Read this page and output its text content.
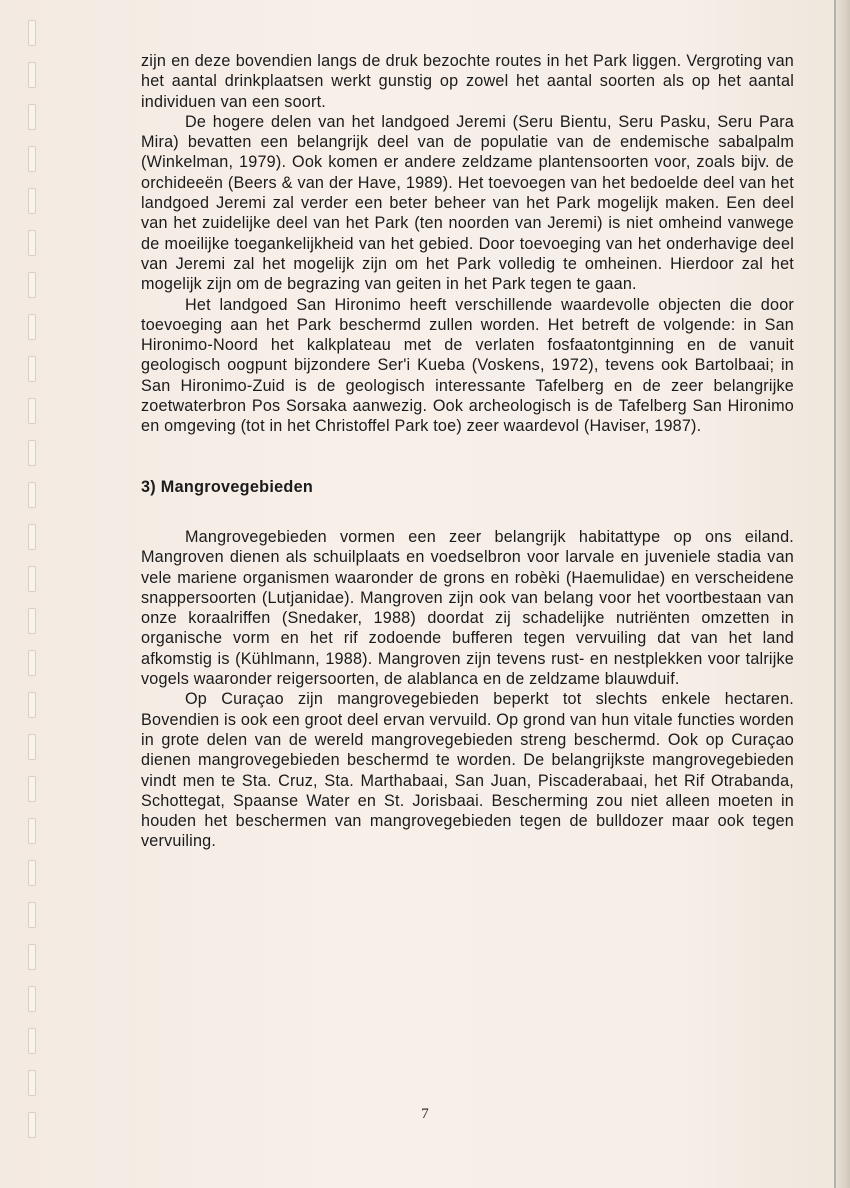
zijn en deze bovendien langs de druk bezochte routes in het Park liggen. Vergroting van het aantal drinkplaatsen werkt gunstig op zowel het aantal soorten als op het aantal individuen van een soort.

De hogere delen van het landgoed Jeremi (Seru Bientu, Seru Pasku, Seru Para Mira) bevatten een belangrijk deel van de populatie van de endemische sabalpalm (Winkelman, 1979). Ook komen er andere zeldzame plantensoorten voor, zoals bijv. de orchideeën (Beers & van der Have, 1989). Het toevoegen van het bedoelde deel van het landgoed Jeremi zal verder een beter beheer van het Park mogelijk maken. Een deel van het zuidelijke deel van het Park (ten noorden van Jeremi) is niet omheind vanwege de moeilijke toegankelijkheid van het gebied. Door toevoeging van het onderhavige deel van Jeremi zal het mogelijk zijn om het Park volledig te omheinen. Hierdoor zal het mogelijk zijn om de begrazing van geiten in het Park tegen te gaan.

Het landgoed San Hironimo heeft verschillende waardevolle objecten die door toevoeging aan het Park beschermd zullen worden. Het betreft de volgende: in San Hironimo-Noord het kalkplateau met de verlaten fosfaatontginning en de vanuit geologisch oogpunt bijzondere Ser'i Kueba (Voskens, 1972), tevens ook Bartolbaai; in San Hironimo-Zuid is de geologisch interessante Tafelberg en de zeer belangrijke zoetwaterbron Pos Sorsaka aanwezig. Ook archeologisch is de Tafelberg San Hironimo en omgeving (tot in het Christoffel Park toe) zeer waardevol (Haviser, 1987).

3) Mangrovegebieden

Mangrovegebieden vormen een zeer belangrijk habitattype op ons eiland. Mangroven dienen als schuilplaats en voedselbron voor larvale en juveniele stadia van vele mariene organismen waaronder de grons en robèki (Haemulidae) en verscheidene snappersoorten (Lutjanidae). Mangroven zijn ook van belang voor het voortbestaan van onze koraalriffen (Snedaker, 1988) doordat zij schadelijke nutriënten omzetten in organische vorm en het rif zodoende bufferen tegen vervuiling dat van het land afkomstig is (Kühlmann, 1988). Mangroven zijn tevens rust- en nestplekken voor talrijke vogels waaronder reigersoorten, de alablanca en de zeldzame blauwduif.

Op Curaçao zijn mangrovegebieden beperkt tot slechts enkele hectaren. Bovendien is ook een groot deel ervan vervuild. Op grond van hun vitale functies worden in grote delen van de wereld mangrovegebieden streng beschermd. Ook op Curaçao dienen mangrovegebieden beschermd te worden. De belangrijkste mangrovegebieden vindt men te Sta. Cruz, Sta. Marthabaai, San Juan, Piscaderabaai, het Rif Otrabanda, Schottegat, Spaanse Water en St. Jorisbaai. Bescherming zou niet alleen moeten in houden het beschermen van mangrovegebieden tegen de bulldozer maar ook tegen vervuiling.

7
